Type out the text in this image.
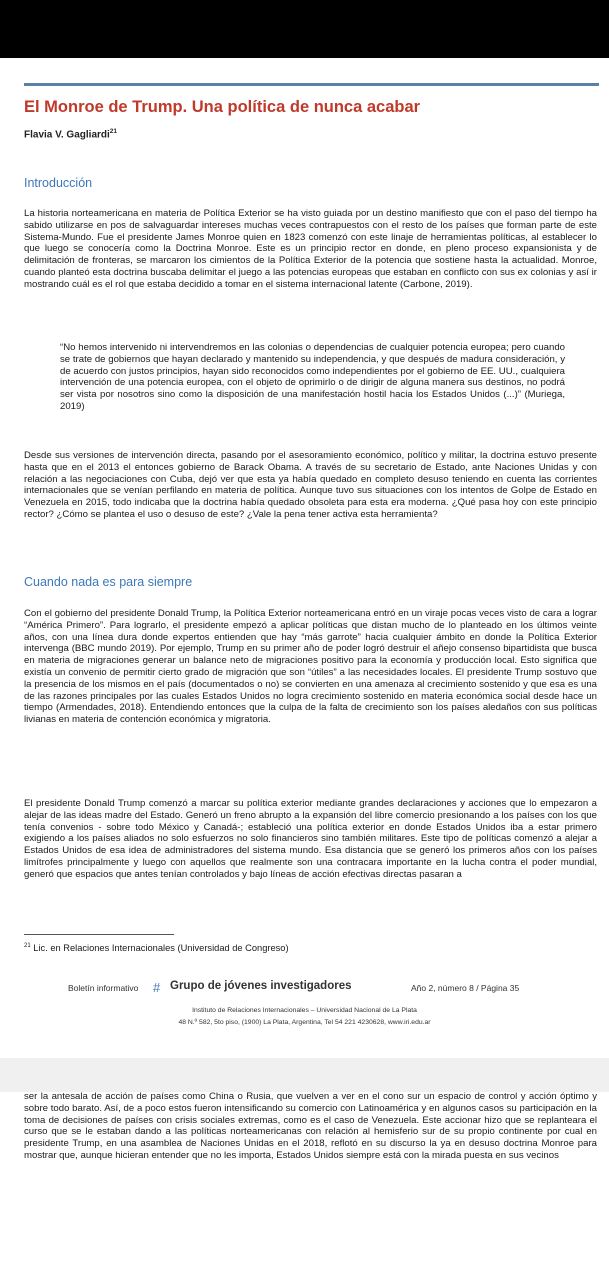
El Monroe de Trump. Una política de nunca acabar
Flavia V. Gagliardi$^{21}$
Introducción

La historia norteamericana en materia de Política Exterior se ha visto guiada por un destino manifiesto que con el paso del tiempo ha sabido utilizarse en pos de salvaguardar intereses muchas veces contrapuestos con el resto de los países que forman parte de este Sistema-Mundo. Fue el presidente James Monroe quien en 1823 comenzó con este linaje de herramientas políticas, al establecer lo que luego se conocería como la Doctrina Monroe. Este es un principio rector en donde, en pleno proceso expansionista y de delimitación de fronteras, se marcaron los cimientos de la Política Exterior de la potencia que sostiene hasta la actualidad. Monroe, cuando planteó esta doctrina buscaba delimitar el juego a las potencias europeas que estaban en conflicto con sus ex colonias y así ir mostrando cuál es el rol que estaba decidido a tomar en el sistema internacional latente (Carbone, 2019).

“No hemos intervenido ni intervendremos en las colonias o dependencias de cualquier potencia europea; pero cuando se trate de gobiernos que hayan declarado y mantenido su independencia, y que después de madura consideración, y de acuerdo con justos principios, hayan sido reconocidos como independientes por el gobierno de EE. UU., cualquiera intervención de una potencia europea, con el objeto de oprimirlo o de dirigir de alguna manera sus destinos, no podrá ser vista por nosotros sino como la disposición de una manifestación hostil hacia los Estados Unidos (...)” (Muriega, 2019)

Desde sus versiones de intervención directa, pasando por el asesoramiento económico, político y militar, la doctrina estuvo presente hasta que en el 2013 el entonces gobierno de Barack Obama. A través de su secretario de Estado, ante Naciones Unidas y con relación a las negociaciones con Cuba, dejó ver que esta ya había quedado en completo desuso teniendo en cuenta las corrientes internacionales que se venían perfilando en materia de política. Aunque tuvo sus situaciones con los intentos de Golpe de Estado en Venezuela en 2015, todo indicaba que la doctrina había quedado obsoleta para esta era moderna. ¿Qué pasa hoy con este principio rector? ¿Cómo se plantea el uso o desuso de este? ¿Vale la pena tener activa esta herramienta?

Cuando nada es para siempre

Con el gobierno del presidente Donald Trump, la Política Exterior norteamericana entró en un viraje pocas veces visto de cara a lograr “América Primero”. Para lograrlo, el presidente empezó a aplicar políticas que distan mucho de lo planteado en los últimos veinte años, con una línea dura donde expertos entienden que hay “más garrote” hacia cualquier ámbito en donde la Política Exterior intervenga (BBC mundo 2019). Por ejemplo, Trump en su primer año de poder logró destruir el añejo consenso bipartidista que busca en materia de migraciones generar un balance neto de migraciones positivo para la economía y producción local. Esto significa que existía un convenio de permitir cierto grado de migración que son “útiles” a las necesidades locales. El presidente Trump sostuvo que la presencia de los mismos en el país (documentados o no) se convierten en una amenaza al crecimiento sostenido y que esa es una de las razones principales por las cuales Estados Unidos no logra crecimiento sostenido en materia económica social desde hace un tiempo (Armendades, 2018). Entendiendo entonces que la culpa de la falta de crecimiento son los países aledaños con sus políticas livianas en materia de contención económica y migratoria.

El presidente Donald Trump comenzó a marcar su política exterior mediante grandes declaraciones y acciones que lo empezaron a alejar de las ideas madre del Estado. Generó un freno abrupto a la expansión del libre comercio presionando a los países con los que tenía convenios - sobre todo México y Canadá-; estableció una política exterior en donde Estados Unidos iba a estar primero exigiendo a los países aliados no solo esfuerzos no solo financieros sino también militares. Este tipo de políticas comenzó a alejar a Estados Unidos de esa idea de administradores del sistema mundo. Esa distancia que se generó los primeros años con los países limítrofes principalmente y luego con aquellos que realmente son una contracara importante en la lucha contra el poder mundial, generó que espacios que antes tenían controlados y bajo líneas de acción efectivas directas pasaran a

$^{21}$ Lic. en Relaciones Internacionales (Universidad de Congreso)
Boletín informativo # Grupo de jóvenes investigadores	Año 2, número 8 / Página 35
Instituto de Relaciones Internacionales – Universidad Nacional de La Plata
48 N.º 582, 5to piso, (1900) La Plata, Argentina, Tel 54 221 4230628, www.iri.edu.ar

ser la antesala de acción de países como China o Rusia, que vuelven a ver en el cono sur un espacio de control y acción óptimo y sobre todo barato. Así, de a poco estos fueron intensificando su comercio con Latinoamérica y en algunos casos su participación en la toma de decisiones de países con crisis sociales extremas, como es el caso de Venezuela. Este accionar hizo que se replanteara el curso que se le estaban dando a las políticas norteamericanas con relación al hemisferio sur de su propio continente por cual en presidente Trump, en una asamblea de Naciones Unidas en el 2018, reflotó en su discurso la ya en desuso doctrina Monroe para mostrar que, aunque hicieran entender que no les importa, Estados Unidos siempre está con la mirada puesta en sus vecinos
